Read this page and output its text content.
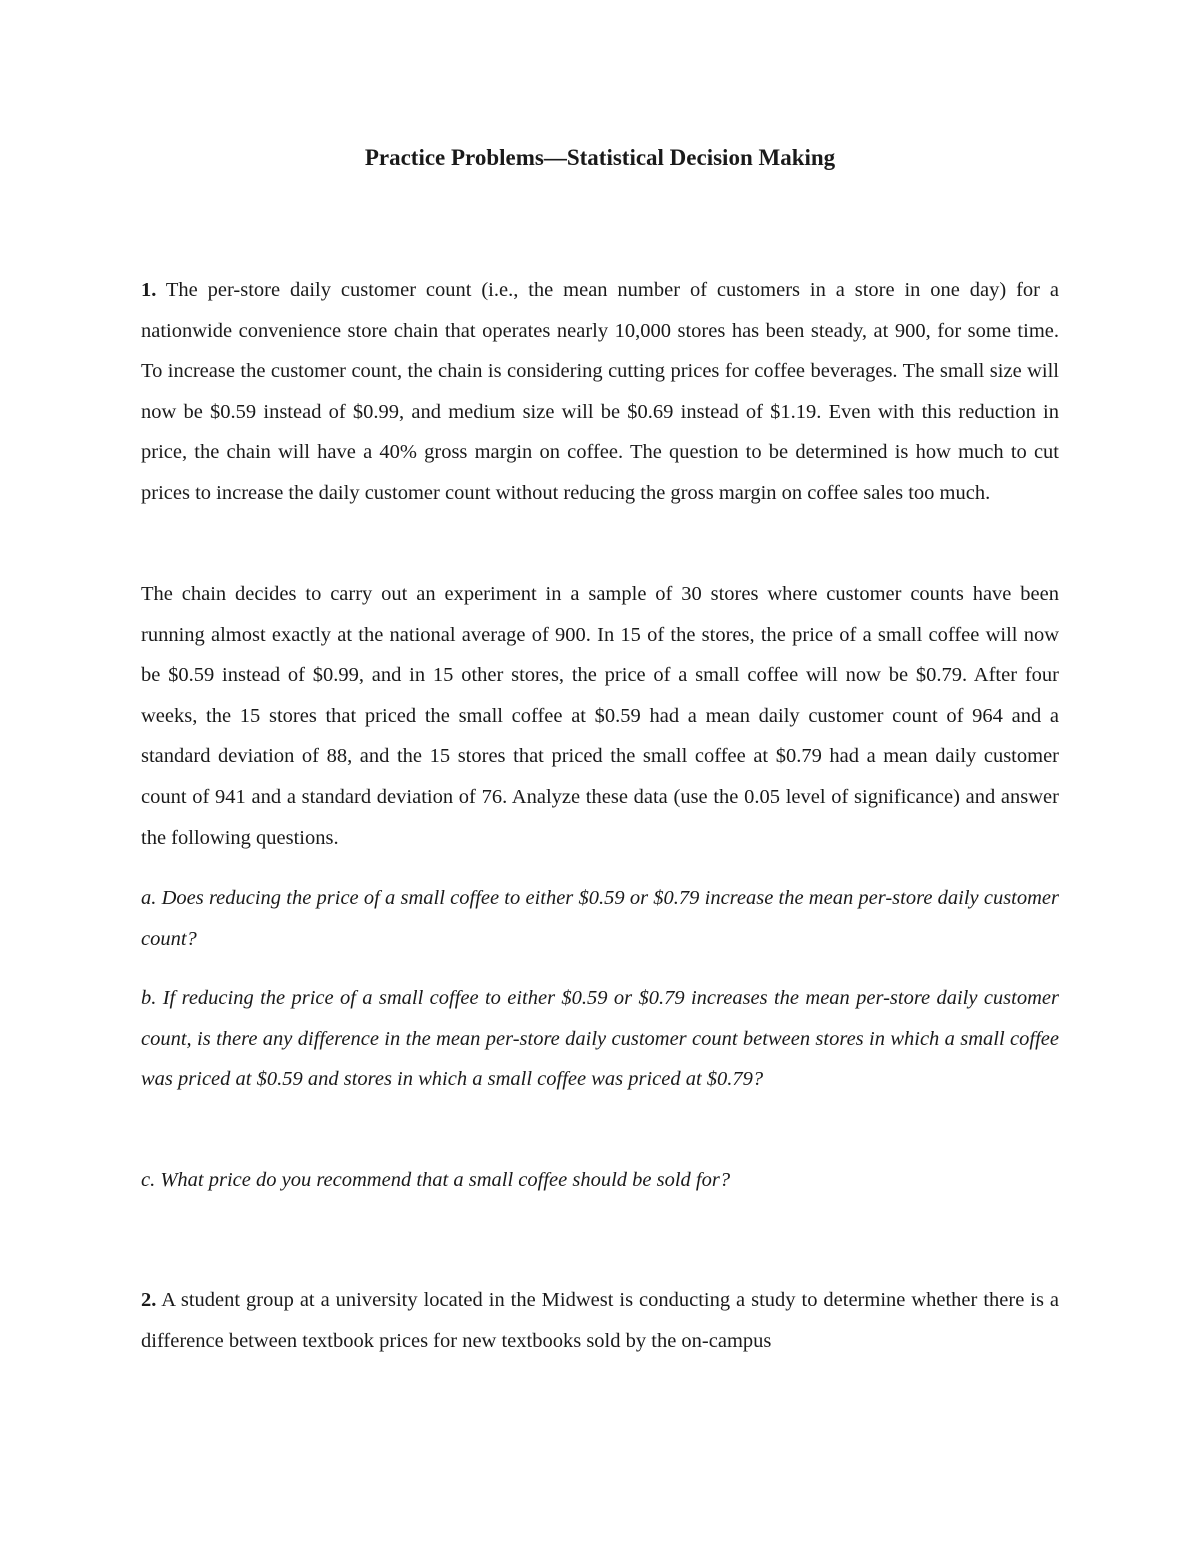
Practice Problems—Statistical Decision Making

1. The per-store daily customer count (i.e., the mean number of customers in a store in one day) for a nationwide convenience store chain that operates nearly 10,000 stores has been steady, at 900, for some time. To increase the customer count, the chain is considering cutting prices for coffee beverages. The small size will now be $0.59 instead of $0.99, and medium size will be $0.69 instead of $1.19. Even with this reduction in price, the chain will have a 40% gross margin on coffee. The question to be determined is how much to cut prices to increase the daily customer count without reducing the gross margin on coffee sales too much.

The chain decides to carry out an experiment in a sample of 30 stores where customer counts have been running almost exactly at the national average of 900. In 15 of the stores, the price of a small coffee will now be $0.59 instead of $0.99, and in 15 other stores, the price of a small coffee will now be $0.79. After four weeks, the 15 stores that priced the small coffee at $0.59 had a mean daily customer count of 964 and a standard deviation of 88, and the 15 stores that priced the small coffee at $0.79 had a mean daily customer count of 941 and a standard deviation of 76. Analyze these data (use the 0.05 level of significance) and answer the following questions.

a. Does reducing the price of a small coffee to either $0.59 or $0.79 increase the mean per-store daily customer count?

b. If reducing the price of a small coffee to either $0.59 or $0.79 increases the mean per-store daily customer count, is there any difference in the mean per-store daily customer count between stores in which a small coffee was priced at $0.59 and stores in which a small coffee was priced at $0.79?

c. What price do you recommend that a small coffee should be sold for?

2. A student group at a university located in the Midwest is conducting a study to determine whether there is a difference between textbook prices for new textbooks sold by the on-campus
